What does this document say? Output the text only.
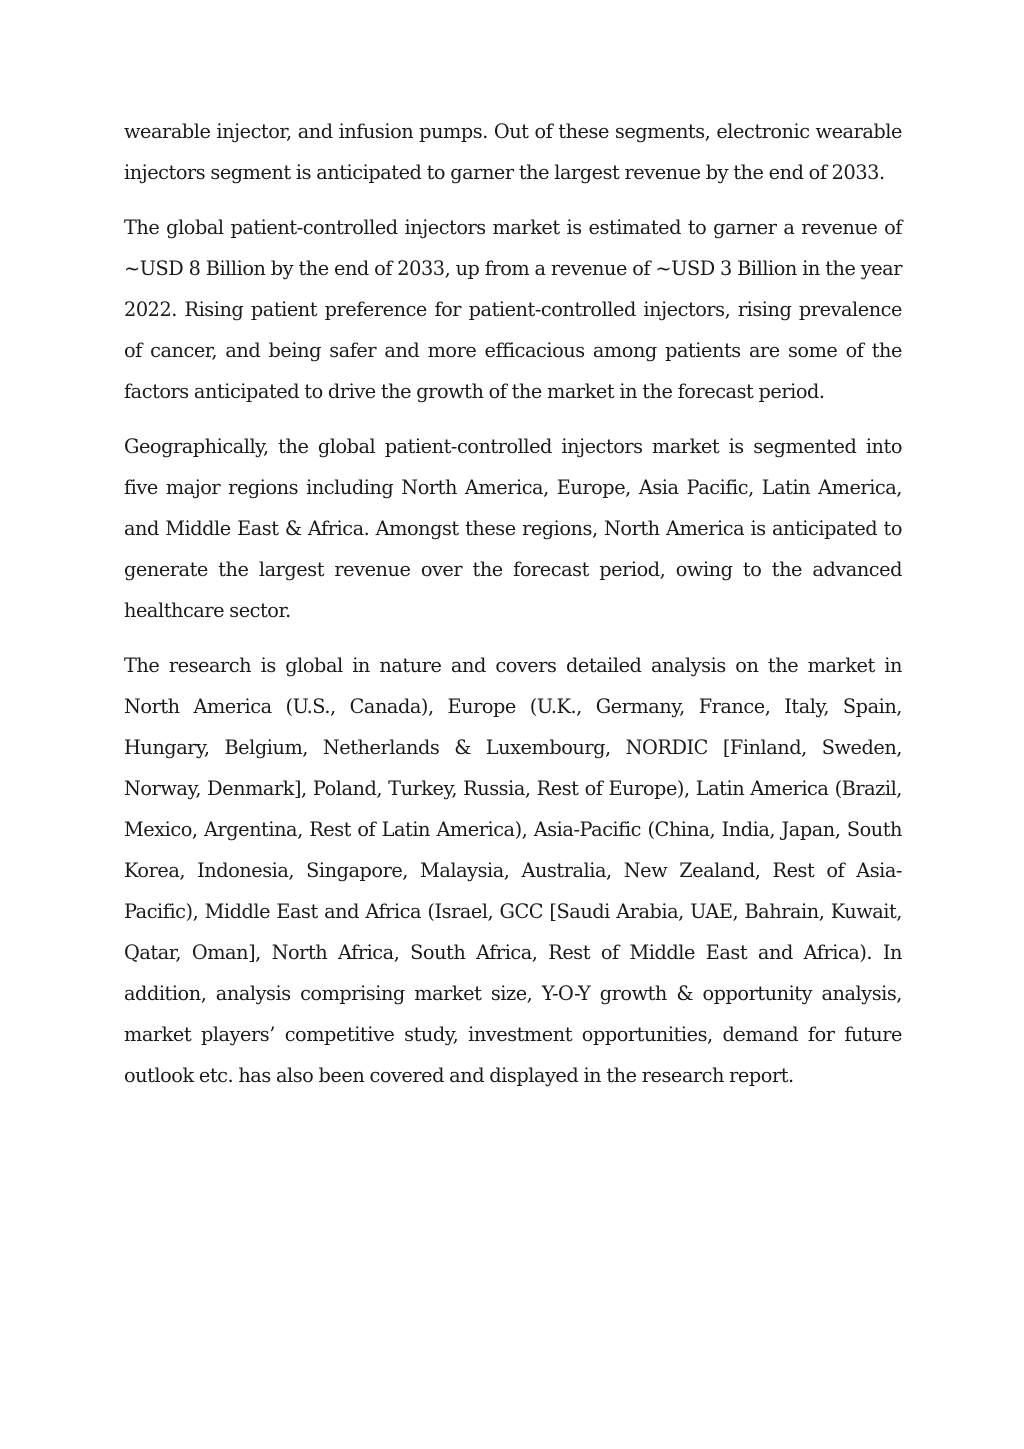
wearable injector, and infusion pumps. Out of these segments, electronic wearable injectors segment is anticipated to garner the largest revenue by the end of 2033.

The global patient-controlled injectors market is estimated to garner a revenue of ~USD 8 Billion by the end of 2033, up from a revenue of ~USD 3 Billion in the year 2022. Rising patient preference for patient-controlled injectors, rising prevalence of cancer, and being safer and more efficacious among patients are some of the factors anticipated to drive the growth of the market in the forecast period.

Geographically, the global patient-controlled injectors market is segmented into five major regions including North America, Europe, Asia Pacific, Latin America, and Middle East & Africa. Amongst these regions, North America is anticipated to generate the largest revenue over the forecast period, owing to the advanced healthcare sector.

The research is global in nature and covers detailed analysis on the market in North America (U.S., Canada), Europe (U.K., Germany, France, Italy, Spain, Hungary, Belgium, Netherlands & Luxembourg, NORDIC [Finland, Sweden, Norway, Denmark], Poland, Turkey, Russia, Rest of Europe), Latin America (Brazil, Mexico, Argentina, Rest of Latin America), Asia-Pacific (China, India, Japan, South Korea, Indonesia, Singapore, Malaysia, Australia, New Zealand, Rest of Asia-Pacific), Middle East and Africa (Israel, GCC [Saudi Arabia, UAE, Bahrain, Kuwait, Qatar, Oman], North Africa, South Africa, Rest of Middle East and Africa). In addition, analysis comprising market size, Y-O-Y growth & opportunity analysis, market players’ competitive study, investment opportunities, demand for future outlook etc. has also been covered and displayed in the research report.
